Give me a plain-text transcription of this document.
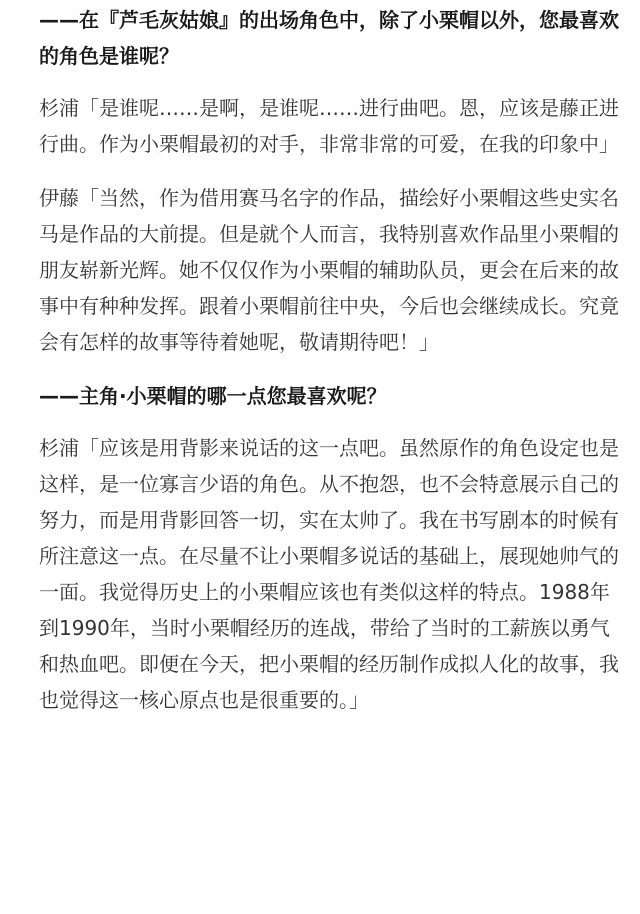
——在『芦毛灰姑娘』的出场角色中，除了小栗帽以外，您最喜欢的角色是谁呢？

杉浦「是谁呢……是啊，是谁呢……进行曲吧。恩，应该是藤正进行曲。作为小栗帽最初的对手，非常非常的可爱，在我的印象中」

伊藤「当然，作为借用赛马名字的作品，描绘好小栗帽这些史实名马是作品的大前提。但是就个人而言，我特别喜欢作品里小栗帽的朋友崭新光辉。她不仅仅作为小栗帽的辅助队员，更会在后来的故事中有种种发挥。跟着小栗帽前往中央，今后也会继续成长。究竟会有怎样的故事等待着她呢，敬请期待吧！」

——主角·小栗帽的哪一点您最喜欢呢？

杉浦「应该是用背影来说话的这一点吧。虽然原作的角色设定也是这样，是一位寡言少语的角色。从不抱怨，也不会特意展示自己的努力，而是用背影回答一切，实在太帅了。我在书写剧本的时候有所注意这一点。在尽量不让小栗帽多说话的基础上，展现她帅气的一面。我觉得历史上的小栗帽应该也有类似这样的特点。1988年到1990年，当时小栗帽经历的连战，带给了当时的工薪族以勇气和热血吧。即便在今天，把小栗帽的经历制作成拟人化的故事，我也觉得这一核心原点也是很重要的。」
